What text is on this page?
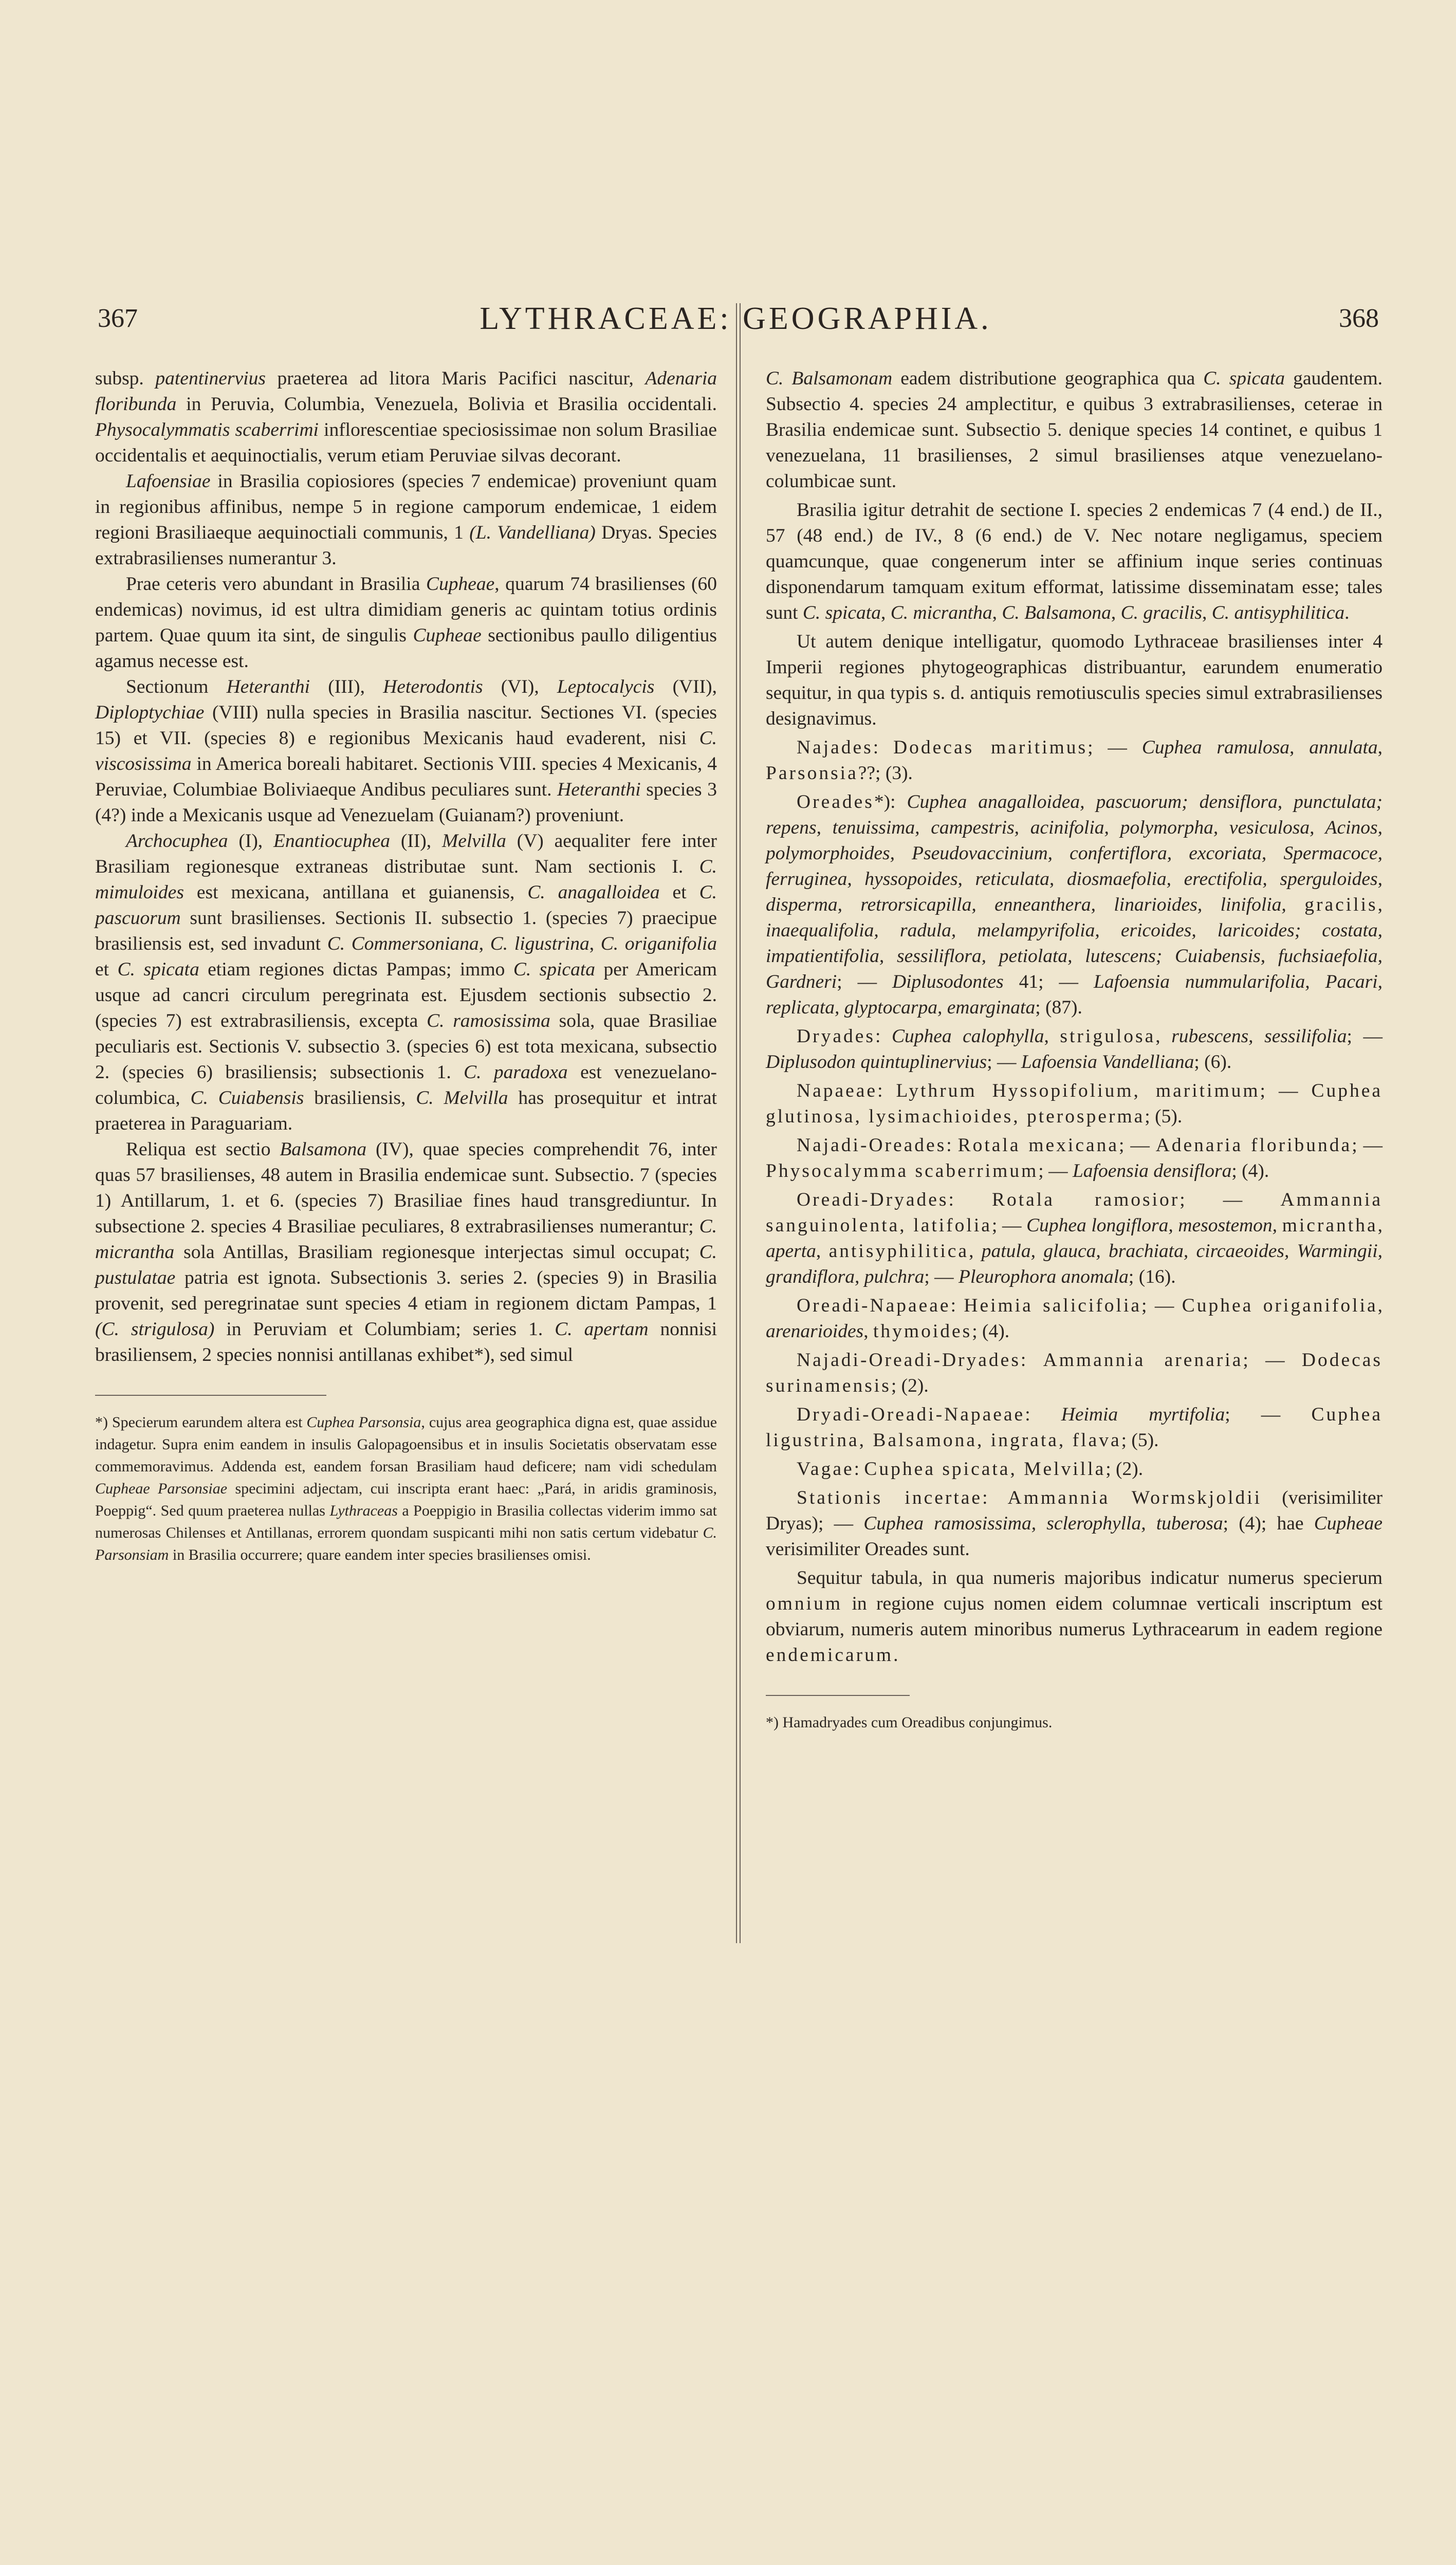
367	LYTHRACEAE: GEOGRAPHIA.	368

subsp. patentinervius praeterea ad litora Maris Pacifici nascitur, Adenaria floribunda in Peruvia, Columbia, Venezuela, Bolivia et Brasilia occidentali. Physocalymmatis scaberrimi inflorescentiae speciosissimae non solum Brasiliae occidentalis et aequinoctialis, verum etiam Peruviae silvas decorant.

Lafoensiae in Brasilia copiosiores (species 7 endemicae) proveniunt quam in regionibus affinibus, nempe 5 in regione camporum endemicae, 1 eidem regioni Brasiliaeque aequinoctiali communis, 1 (L. Vandelliana) Dryas. Species extrabrasilienses numerantur 3.

Prae ceteris vero abundant in Brasilia Cupheae, quarum 74 brasilienses (60 endemicas) novimus, id est ultra dimidiam generis ac quintam totius ordinis partem. Quae quum ita sint, de singulis Cupheae sectionibus paullo diligentius agamus necesse est.

Sectionum Heteranthi (III), Heterodontis (VI), Leptocalycis (VII), Diploptychiae (VIII) nulla species in Brasilia nascitur. Sectiones VI. (species 15) et VII. (species 8) e regionibus Mexicanis haud evaderent, nisi C. viscosissima in America boreali habitaret. Sectionis VIII. species 4 Mexicanis, 4 Peruviae, Columbiae Boliviaeque Andibus peculiares sunt. Heteranthi species 3 (4?) inde a Mexicanis usque ad Venezuelam (Guianam?) proveniunt.

Archocuphea (I), Enantiocuphea (II), Melvilla (V) aequaliter fere inter Brasiliam regionesque extraneas distributae sunt. Nam sectionis I. C. mimuloides est mexicana, antillana et guianensis, C. anagalloidea et C. pascuorum sunt brasilienses. Sectionis II. subsectio 1. (species 7) praecipue brasiliensis est, sed invadunt C. Commersoniana, C. ligustrina, C. origanifolia et C. spicata etiam regiones dictas Pampas; immo C. spicata per Americam usque ad cancri circulum peregrinata est. Ejusdem sectionis subsectio 2. (species 7) est extrabrasiliensis, excepta C. ramosissima sola, quae Brasiliae peculiaris est. Sectionis V. subsectio 3. (species 6) est tota mexicana, subsectio 2. (species 6) brasiliensis; subsectionis 1. C. paradoxa est venezuelano-columbica, C. Cuiabensis brasiliensis, C. Melvilla has prosequitur et intrat praeterea in Paraguariam.

Reliqua est sectio Balsamona (IV), quae species comprehendit 76, inter quas 57 brasilienses, 48 autem in Brasilia endemicae sunt. Subsectio. 7 (species 1) Antillarum, 1. et 6. (species 7) Brasiliae fines haud transgrediuntur. In subsectione 2. species 4 Brasiliae peculiares, 8 extrabrasilienses numerantur; C. micrantha sola Antillas, Brasiliam regionesque interjectas simul occupat; C. pustulatae patria est ignota. Subsectionis 3. series 2. (species 9) in Brasilia provenit, sed peregrinatae sunt species 4 etiam in regionem dictam Pampas, 1 (C. strigulosa) in Peruviam et Columbiam; series 1. C. apertam nonnisi brasiliensem, 2 species nonnisi antillanas exhibet*), sed simul

*) Specierum earundem altera est Cuphea Parsonsia, cujus area geographica digna est, quae assidue indagetur. Supra enim eandem in insulis Galopagoensibus et in insulis Societatis observatam esse commemoravimus. Addenda est, eandem forsan Brasiliam haud deficere; nam vidi schedulam Cupheae Parsonsiae specimini adjectam, cui inscripta erant haec: „Pará, in aridis graminosis, Poeppig“. Sed quum praeterea nullas Lythraceas a Poeppigio in Brasilia collectas viderim immo sat numerosas Chilenses et Antillanas, errorem quondam suspicanti mihi non satis certum videbatur C. Parsonsiam in Brasilia occurrere; quare eandem inter species brasilienses omisi.

C. Balsamonam eadem distributione geographica qua C. spicata gaudentem. Subsectio 4. species 24 amplectitur, e quibus 3 extrabrasilienses, ceterae in Brasilia endemicae sunt. Subsectio 5. denique species 14 continet, e quibus 1 venezuelana, 11 brasilienses, 2 simul brasilienses atque venezuelano-columbicae sunt.

Brasilia igitur detrahit de sectione I. species 2 endemicas 7 (4 end.) de II., 57 (48 end.) de IV., 8 (6 end.) de V. Nec notare negligamus, speciem quamcunque, quae congenerum inter se affinium inque series continuas disponendarum tamquam exitum efformat, latissime disseminatam esse; tales sunt C. spicata, C. micrantha, C. Balsamona, C. gracilis, C. antisyphilitica.

Ut autem denique intelligatur, quomodo Lythraceae brasilienses inter 4 Imperii regiones phytogeographicas distribuantur, earundem enumeratio sequitur, in qua typis s. d. antiquis remotiusculis species simul extrabrasilienses designavimus.

Najades: Dodecas maritimus; — Cuphea ramulosa, annulata, Parsonsia??; (3).

Oreades*): Cuphea anagalloidea, pascuorum; densiflora, punctulata; repens, tenuissima, campestris, acinifolia, polymorpha, vesiculosa, Acinos, polymorphoides, Pseudovaccinium, confertiflora, excoriata, Spermacoce, ferruginea, hyssopoides, reticulata, diosmaefolia, erectifolia, sperguloides, disperma, retrorsicapilla, enneanthera, linarioides, linifolia, gracilis, inaequalifolia, radula, melampyrifolia, ericoides, laricoides; costata, impatientifolia, sessiliflora, petiolata, lutescens; Cuiabensis, fuchsiaefolia, Gardneri; — Diplusodontes 41; — Lafoensia nummularifolia, Pacari, replicata, glyptocarpa, emarginata; (87).

Dryades: Cuphea calophylla, strigulosa, rubescens, sessilifolia; — Diplusodon quintuplinervius; — Lafoensia Vandelliana; (6).

Napaeae: Lythrum Hyssopifolium, maritimum; — Cuphea glutinosa, lysimachioides, pterosperma; (5).

Najadi-Oreades: Rotala mexicana; — Adenaria floribunda; — Physocalymma scaberrimum; — Lafoensia densiflora; (4).

Oreadi-Dryades: Rotala ramosior; — Ammannia sanguinolenta, latifolia; — Cuphea longiflora, mesostemon, micrantha, aperta, antisyphilitica, patula, glauca, brachiata, circaeoides, Warmingii, grandiflora, pulchra; — Pleurophora anomala; (16).

Oreadi-Napaeae: Heimia salicifolia; — Cuphea origanifolia, arenarioides, thymoides; (4).

Najadi-Oreadi-Dryades: Ammannia arenaria; — Dodecas surinamensis; (2).

Dryadi-Oreadi-Napaeae: Heimia myrtifolia; — Cuphea ligustrina, Balsamona, ingrata, flava; (5).

Vagae: Cuphea spicata, Melvilla; (2).

Stationis incertae: Ammannia Wormskjoldii (verisimiliter Dryas); — Cuphea ramosissima, sclerophylla, tuberosa; (4); hae Cupheae verisimiliter Oreades sunt.

Sequitur tabula, in qua numeris majoribus indicatur numerus specierum omnium in regione cujus nomen eidem columnae verticali inscriptum est obviarum, numeris autem minoribus numerus Lythracearum in eadem regione endemicarum.

*) Hamadryades cum Oreadibus conjungimus.
